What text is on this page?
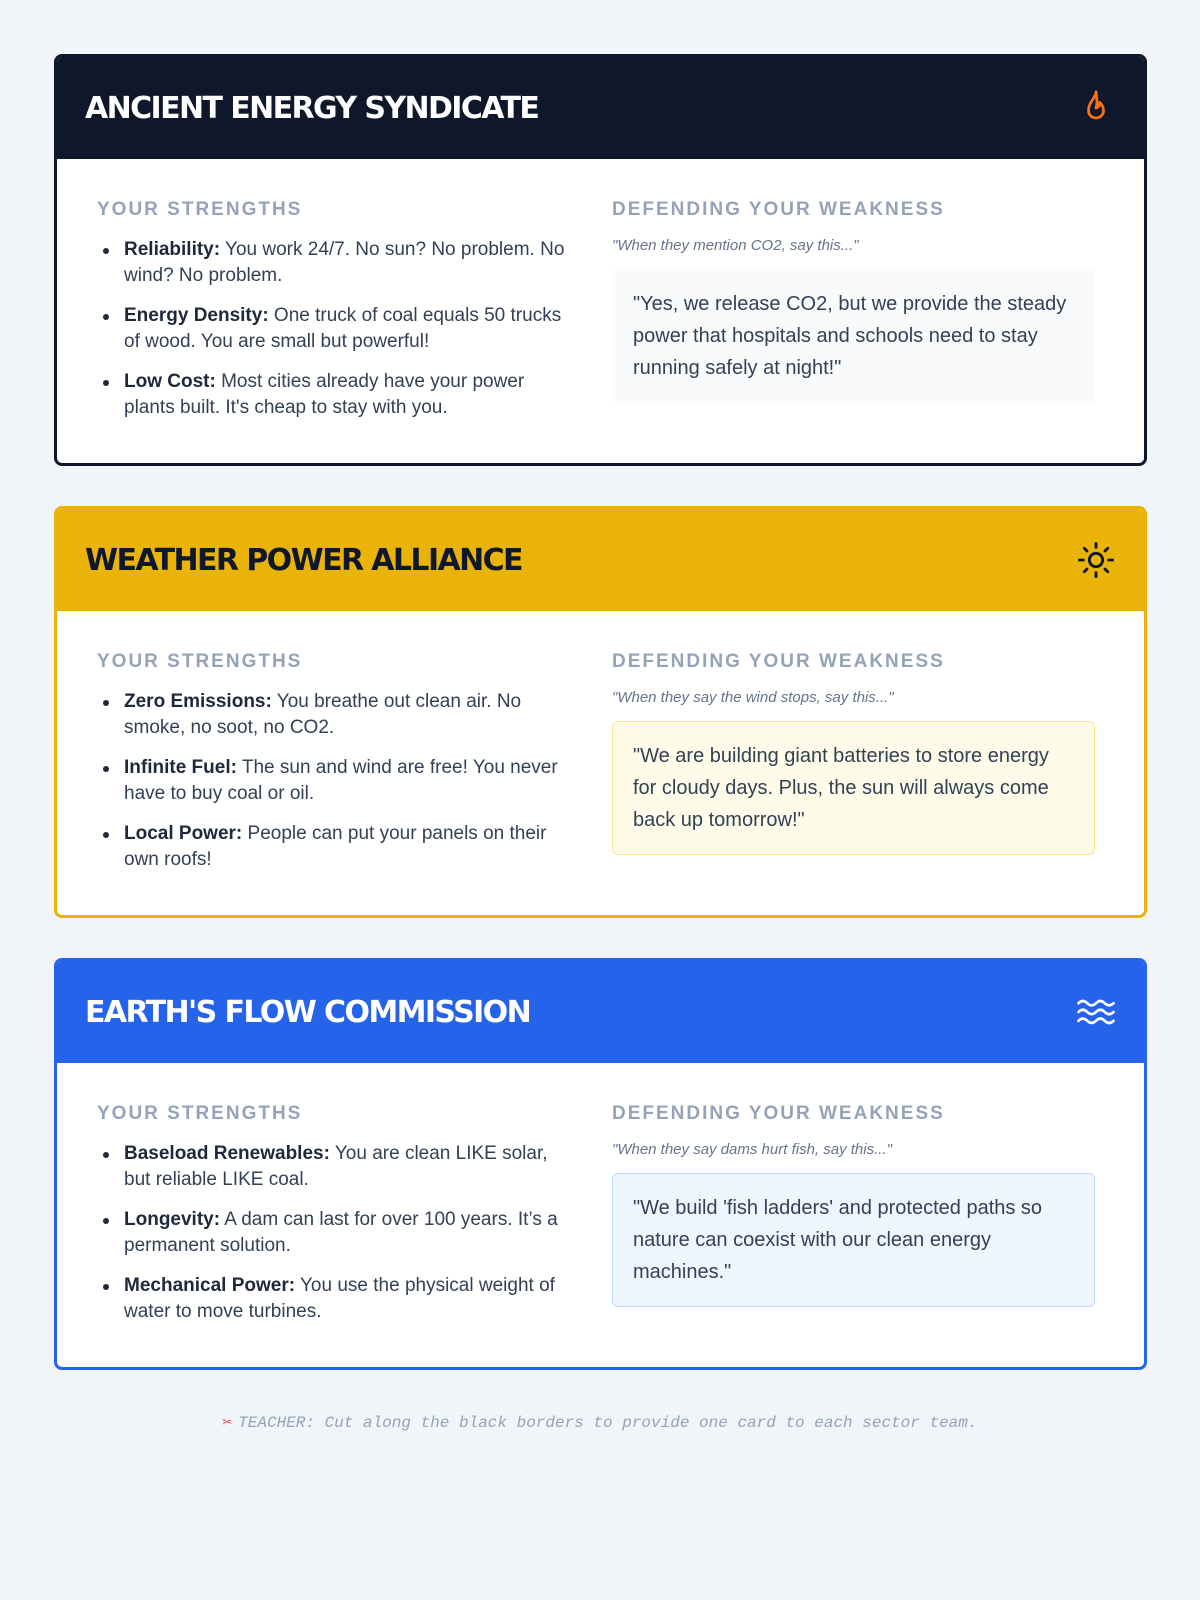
ANCIENT ENERGY SYNDICATE
YOUR STRENGTHS
Reliability: You work 24/7. No sun? No problem. No wind? No problem.
Energy Density: One truck of coal equals 50 trucks of wood. You are small but powerful!
Low Cost: Most cities already have your power plants built. It's cheap to stay with you.
DEFENDING YOUR WEAKNESS
"When they mention CO2, say this..."
"Yes, we release CO2, but we provide the steady power that hospitals and schools need to stay running safely at night!"
WEATHER POWER ALLIANCE
YOUR STRENGTHS
Zero Emissions: You breathe out clean air. No smoke, no soot, no CO2.
Infinite Fuel: The sun and wind are free! You never have to buy coal or oil.
Local Power: People can put your panels on their own roofs!
DEFENDING YOUR WEAKNESS
"When they say the wind stops, say this..."
"We are building giant batteries to store energy for cloudy days. Plus, the sun will always come back up tomorrow!"
EARTH'S FLOW COMMISSION
YOUR STRENGTHS
Baseload Renewables: You are clean LIKE solar, but reliable LIKE coal.
Longevity: A dam can last for over 100 years. It’s a permanent solution.
Mechanical Power: You use the physical weight of water to move turbines.
DEFENDING YOUR WEAKNESS
"When they say dams hurt fish, say this..."
"We build 'fish ladders' and protected paths so nature can coexist with our clean energy machines."
✂ TEACHER: Cut along the black borders to provide one card to each sector team.
